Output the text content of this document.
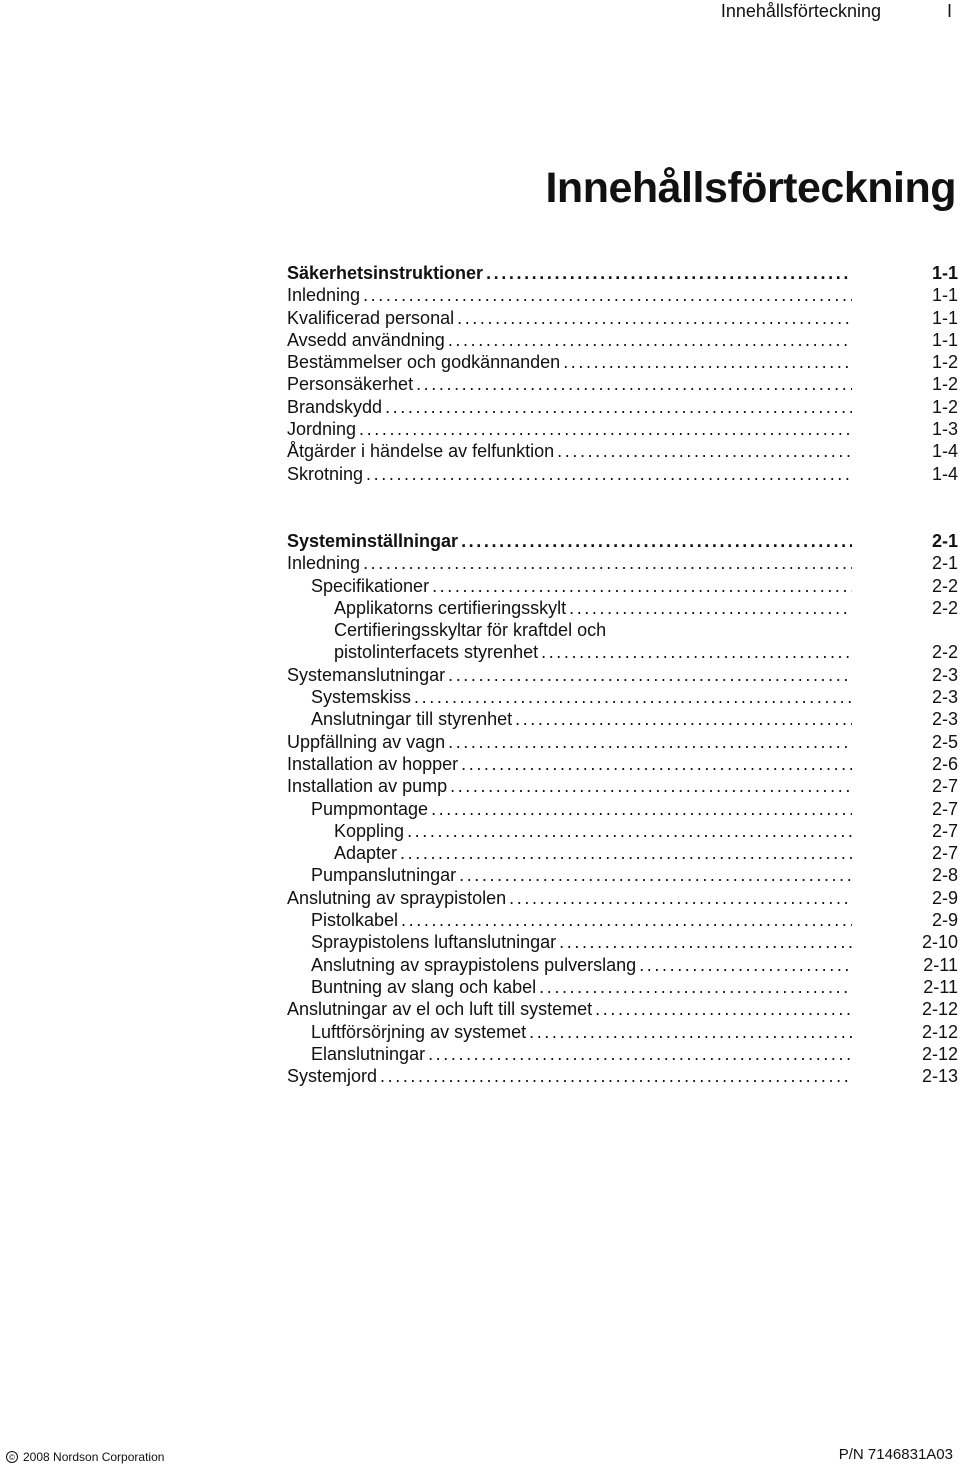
Innehållsförteckning	I
Innehållsförteckning
Säkerhetsinstruktioner .....	1-1
Inledning .....	1-1
Kvalificerad personal .....	1-1
Avsedd användning .....	1-1
Bestämmelser och godkännanden .....	1-2
Personsäkerhet .....	1-2
Brandskydd .....	1-2
Jordning .....	1-3
Åtgärder i händelse av felfunktion .....	1-4
Skrotning .....	1-4
Systeminställningar .....	2-1
Inledning .....	2-1
Specifikationer .....	2-2
Applikatorns certifieringsskylt .....	2-2
Certifieringsskyltar för kraftdel och
pistolinterfacets styrenhet .....	2-2
Systemanslutningar .....	2-3
Systemskiss .....	2-3
Anslutningar till styrenhet .....	2-3
Uppfällning av vagn .....	2-5
Installation av hopper .....	2-6
Installation av pump .....	2-7
Pumpmontage .....	2-7
Koppling .....	2-7
Adapter .....	2-7
Pumpanslutningar .....	2-8
Anslutning av spraypistolen .....	2-9
Pistolkabel .....	2-9
Spraypistolens luftanslutningar .....	2-10
Anslutning av spraypistolens pulverslang .....	2-11
Buntning av slang och kabel .....	2-11
Anslutningar av el och luft till systemet .....	2-12
Luftförsörjning av systemet .....	2-12
Elanslutningar .....	2-12
Systemjord .....	2-13
© 2008 Nordson Corporation	P/N 7146831A03
